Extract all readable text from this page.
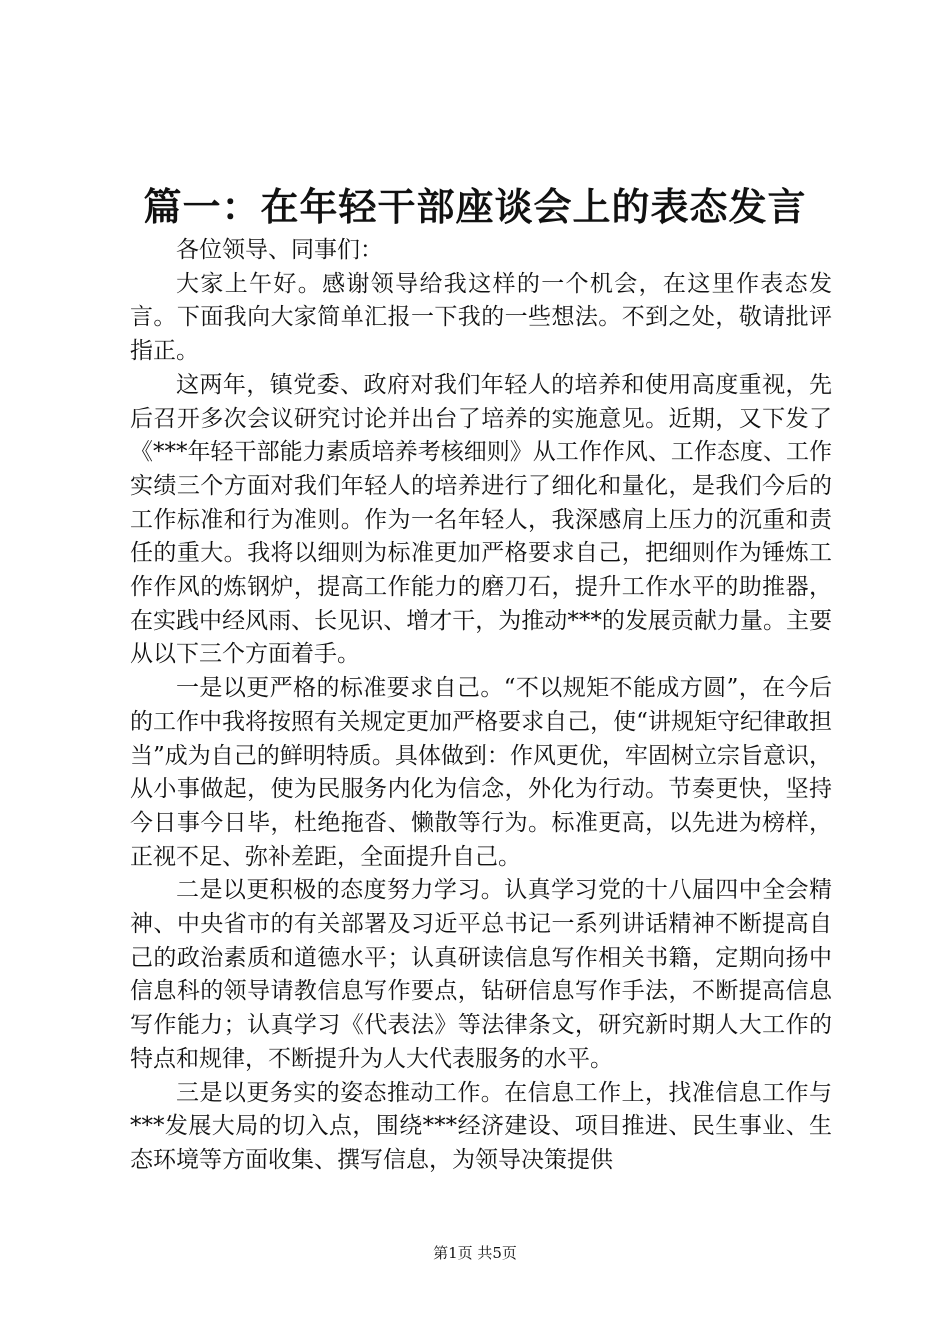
篇一：在年轻干部座谈会上的表态发言

各位领导、同事们：

大家上午好。感谢领导给我这样的一个机会，在这里作表态发言。下面我向大家简单汇报一下我的一些想法。不到之处，敬请批评指正。

这两年，镇党委、政府对我们年轻人的培养和使用高度重视，先后召开多次会议研究讨论并出台了培养的实施意见。近期，又下发了《***年轻干部能力素质培养考核细则》从工作作风、工作态度、工作实绩三个方面对我们年轻人的培养进行了细化和量化，是我们今后的工作标准和行为准则。作为一名年轻人，我深感肩上压力的沉重和责任的重大。我将以细则为标准更加严格要求自己，把细则作为锤炼工作作风的炼钢炉，提高工作能力的磨刀石，提升工作水平的助推器，在实践中经风雨、长见识、增才干，为推动***的发展贡献力量。主要从以下三个方面着手。

一是以更严格的标准要求自己。“不以规矩不能成方圆”，在今后的工作中我将按照有关规定更加严格要求自己，使“讲规矩守纪律敢担当”成为自己的鲜明特质。具体做到：作风更优，牢固树立宗旨意识，从小事做起，使为民服务内化为信念，外化为行动。节奏更快，坚持今日事今日毕，杜绝拖沓、懒散等行为。标准更高，以先进为榜样，正视不足、弥补差距，全面提升自己。

二是以更积极的态度努力学习。认真学习党的十八届四中全会精神、中央省市的有关部署及习近平总书记一系列讲话精神不断提高自己的政治素质和道德水平；认真研读信息写作相关书籍，定期向扬中信息科的领导请教信息写作要点，钻研信息写作手法，不断提高信息写作能力；认真学习《代表法》等法律条文，研究新时期人大工作的特点和规律，不断提升为人大代表服务的水平。

三是以更务实的姿态推动工作。在信息工作上，找准信息工作与***发展大局的切入点，围绕***经济建设、项目推进、民生事业、生态环境等方面收集、撰写信息，为领导决策提供

第1页 共5页
